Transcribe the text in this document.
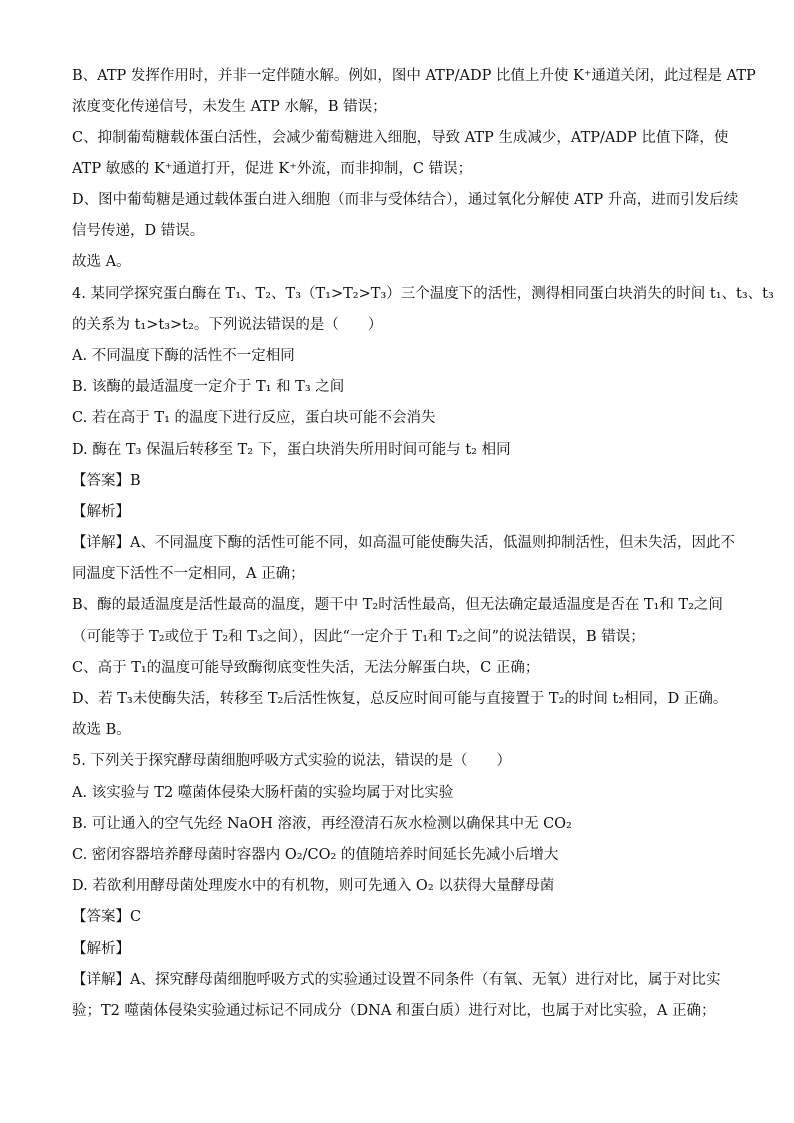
B、ATP 发挥作用时，并非一定伴随水解。例如，图中 ATP/ADP 比值上升使 K⁺通道关闭，此过程是 ATP
浓度变化传递信号，未发生 ATP 水解，B 错误；
C、抑制葡萄糖载体蛋白活性，会减少葡萄糖进入细胞，导致 ATP 生成减少，ATP/ADP 比值下降，使
ATP 敏感的 K⁺通道打开，促进 K⁺外流，而非抑制，C 错误；
D、图中葡萄糖是通过载体蛋白进入细胞（而非与受体结合），通过氧化分解使 ATP 升高，进而引发后续
信号传递，D 错误。
故选 A。
4. 某同学探究蛋白酶在 T₁、T₂、T₃（T₁>T₂>T₃）三个温度下的活性，测得相同蛋白块消失的时间 t₁、t₃、t₃
的关系为 t₁>t₃>t₂。下列说法错误的是（　　）
A. 不同温度下酶的活性不一定相同
B. 该酶的最适温度一定介于 T₁ 和 T₃ 之间
C. 若在高于 T₁ 的温度下进行反应，蛋白块可能不会消失
D. 酶在 T₃ 保温后转移至 T₂ 下，蛋白块消失所用时间可能与 t₂ 相同
【答案】B
【解析】
【详解】A、不同温度下酶的活性可能不同，如高温可能使酶失活，低温则抑制活性，但未失活，因此不
同温度下活性不一定相同，A 正确；
B、酶的最适温度是活性最高的温度，题干中 T₂时活性最高，但无法确定最适温度是否在 T₁和 T₂之间
（可能等于 T₂或位于 T₂和 T₃之间），因此“一定介于 T₁和 T₂之间”的说法错误，B 错误；
C、高于 T₁的温度可能导致酶彻底变性失活，无法分解蛋白块，C 正确；
D、若 T₃未使酶失活，转移至 T₂后活性恢复，总反应时间可能与直接置于 T₂的时间 t₂相同，D 正确。
故选 B。
5. 下列关于探究酵母菌细胞呼吸方式实验的说法，错误的是（　　）
A. 该实验与 T2 噬菌体侵染大肠杆菌的实验均属于对比实验
B. 可让通入的空气先经 NaOH 溶液，再经澄清石灰水检测以确保其中无 CO₂
C. 密闭容器培养酵母菌时容器内 O₂/CO₂ 的值随培养时间延长先减小后增大
D. 若欲利用酵母菌处理废水中的有机物，则可先通入 O₂ 以获得大量酵母菌
【答案】C
【解析】
【详解】A、探究酵母菌细胞呼吸方式的实验通过设置不同条件（有氧、无氧）进行对比，属于对比实
验；T2 噬菌体侵染实验通过标记不同成分（DNA 和蛋白质）进行对比，也属于对比实验，A 正确；
